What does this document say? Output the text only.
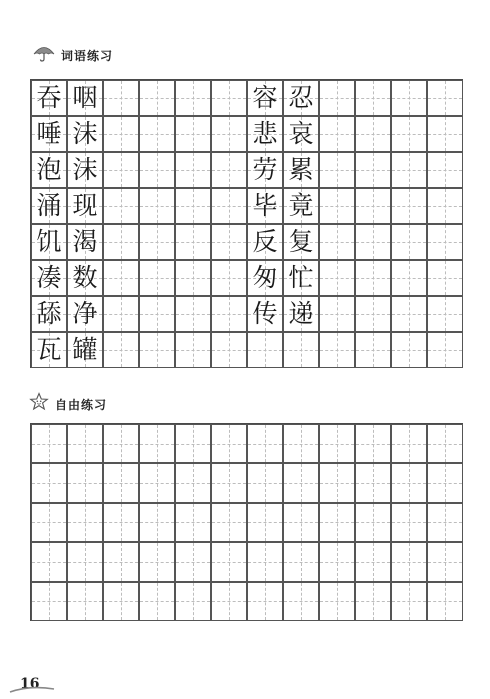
词语练习
吞
唾
泡
涌
饥
凑
舔
瓦
咽
沫
沫
现
渴
数
净
罐
容
悲
劳
毕
反
匆
传
忍
哀
累
竟
复
忙
递
自由练习
16
